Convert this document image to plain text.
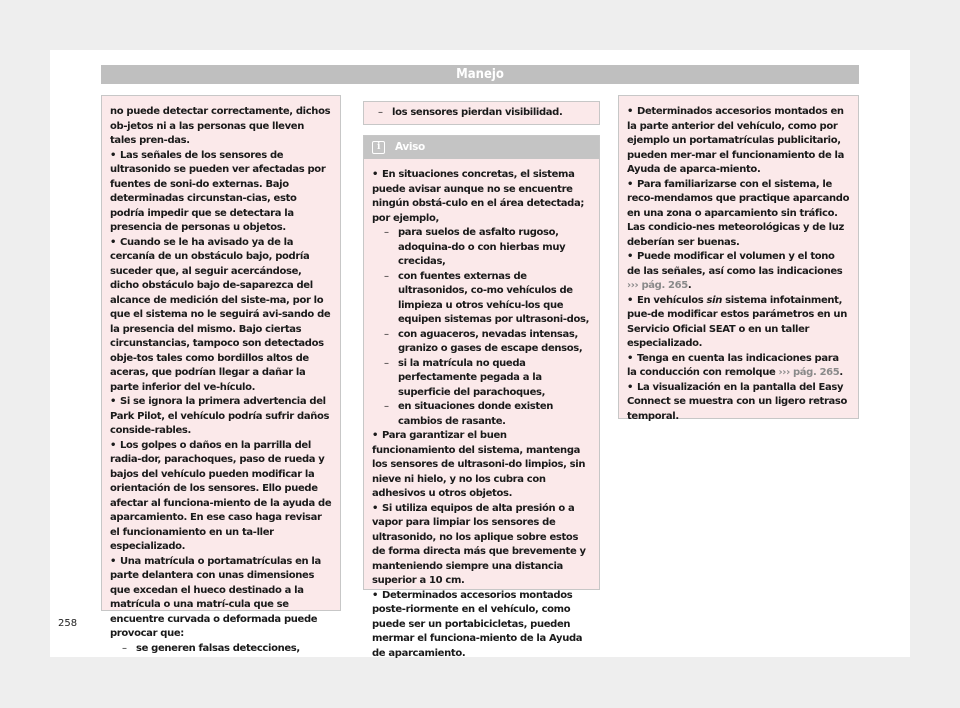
Manejo

no puede detectar correctamente, dichos ob-jetos ni a las personas que lleven tales pren-das.

• Las señales de los sensores de ultrasonido se pueden ver afectadas por fuentes de soni-do externas. Bajo determinadas circunstan-cias, esto podría impedir que se detectara la presencia de personas u objetos.

• Cuando se le ha avisado ya de la cercanía de un obstáculo bajo, podría suceder que, al seguir acercándose, dicho obstáculo bajo de-saparezca del alcance de medición del siste-ma, por lo que el sistema no le seguirá avi-sando de la presencia del mismo. Bajo ciertas circunstancias, tampoco son detectados obje-tos tales como bordillos altos de aceras, que podrían llegar a dañar la parte inferior del ve-hículo.

• Si se ignora la primera advertencia del Park Pilot, el vehículo podría sufrir daños conside-rables.

• Los golpes o daños en la parrilla del radia-dor, parachoques, paso de rueda y bajos del vehículo pueden modificar la orientación de los sensores. Ello puede afectar al funciona-miento de la ayuda de aparcamiento. En ese caso haga revisar el funcionamiento en un ta-ller especializado.

• Una matrícula o portamatrículas en la parte delantera con unas dimensiones que excedan el hueco destinado a la matrícula o una matrí-cula que se encuentre curvada o deformada puede provocar que:

– se generen falsas detecciones,

– los sensores pierdan visibilidad.

i	Aviso

• En situaciones concretas, el sistema puede avisar aunque no se encuentre ningún obstá-culo en el área detectada; por ejemplo,

– para suelos de asfalto rugoso, adoquina-do o con hierbas muy crecidas,

– con fuentes externas de ultrasonidos, co-mo vehículos de limpieza u otros vehícu-los que equipen sistemas por ultrasoni-dos,

– con aguaceros, nevadas intensas, granizo o gases de escape densos,

– si la matrícula no queda perfectamente pegada a la superficie del parachoques,

– en situaciones donde existen cambios de rasante.

• Para garantizar el buen funcionamiento del sistema, mantenga los sensores de ultrasoni-do limpios, sin nieve ni hielo, y no los cubra con adhesivos u otros objetos.

• Si utiliza equipos de alta presión o a vapor para limpiar los sensores de ultrasonido, no los aplique sobre estos de forma directa más que brevemente y manteniendo siempre una distancia superior a 10 cm.

• Determinados accesorios montados poste-riormente en el vehículo, como puede ser un portabicicletas, pueden mermar el funciona-miento de la Ayuda de aparcamiento.

• Determinados accesorios montados en la parte anterior del vehículo, como por ejemplo un portamatrículas publicitario, pueden mer-mar el funcionamiento de la Ayuda de aparca-miento.

• Para familiarizarse con el sistema, le reco-mendamos que practique aparcando en una zona o aparcamiento sin tráfico. Las condicio-nes meteorológicas y de luz deberían ser buenas.

• Puede modificar el volumen y el tono de las señales, así como las indicaciones
››› pág. 265.

• En vehículos sin sistema infotainment, pue-de modificar estos parámetros en un Servicio Oficial SEAT o en un taller especializado.

• Tenga en cuenta las indicaciones para la conducción con remolque ››› pág. 265.

• La visualización en la pantalla del Easy Connect se muestra con un ligero retraso temporal.

258
